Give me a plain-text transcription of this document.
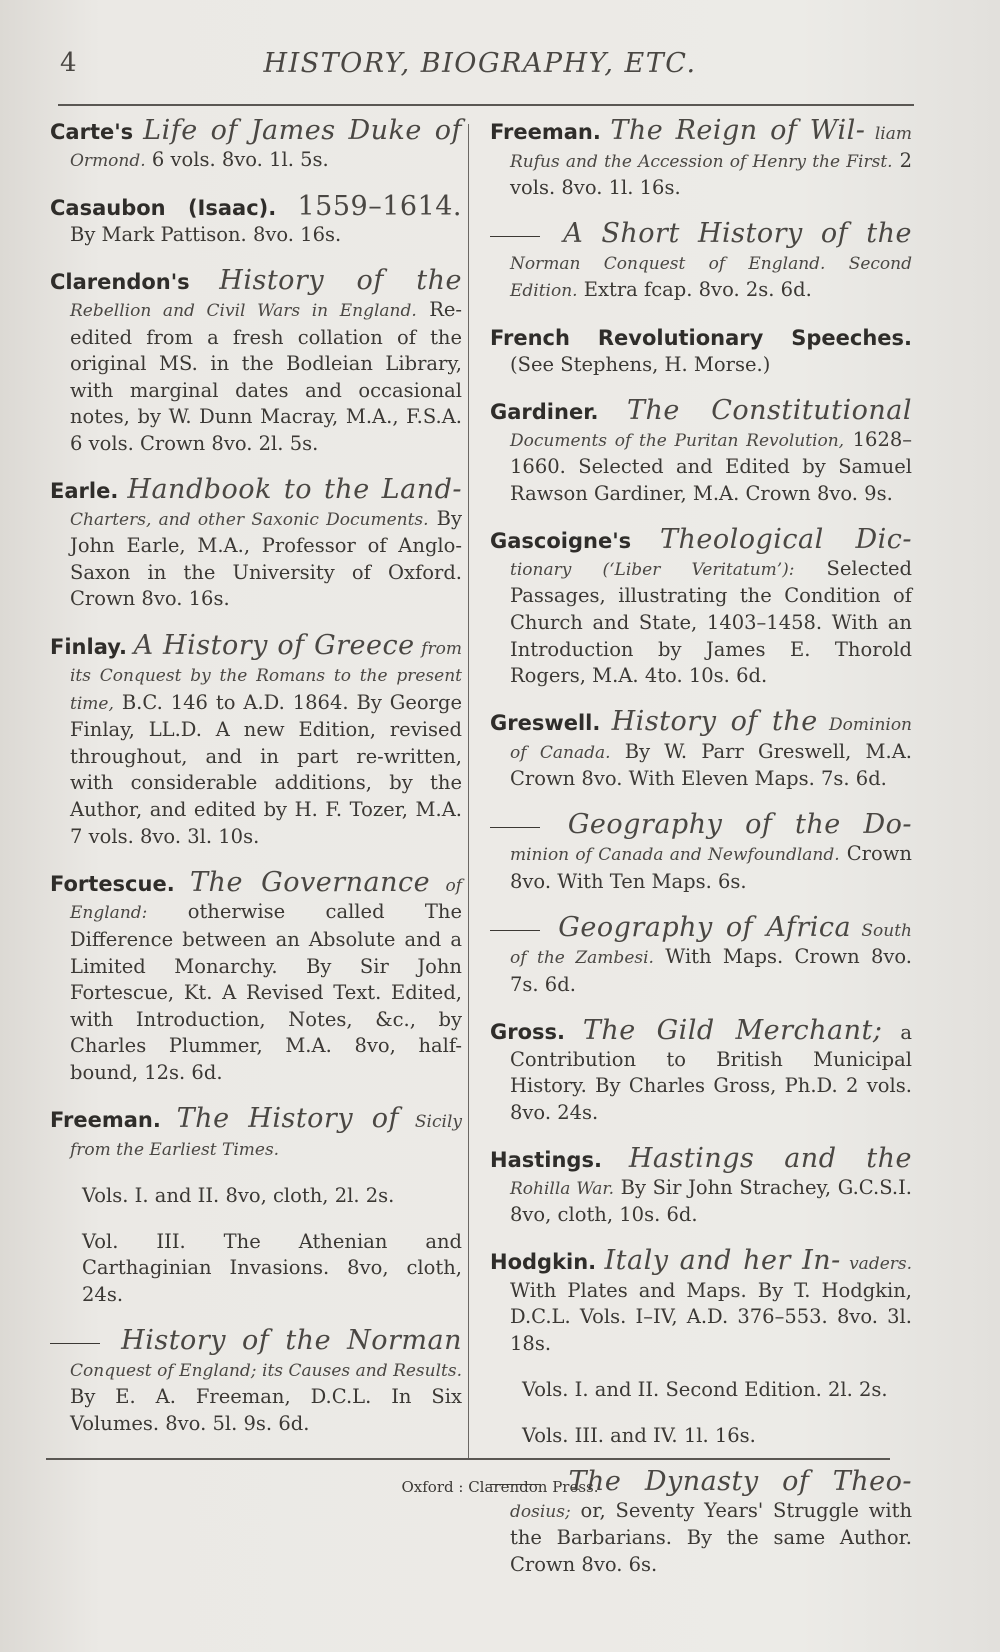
4	HISTORY, BIOGRAPHY, ETC.

Carte's Life of James Duke of Ormond. 6 vols. 8vo. 1l. 5s.

Casaubon (Isaac). 1559–1614. By Mark Pattison. 8vo. 16s.

Clarendon's History of the Rebellion and Civil Wars in England. Re-edited from a fresh collation of the original MS. in the Bodleian Library, with marginal dates and occasional notes, by W. Dunn Macray, M.A., F.S.A. 6 vols. Crown 8vo. 2l. 5s.

Earle. Handbook to the Land- Charters, and other Saxonic Documents. By John Earle, M.A., Professor of Anglo-Saxon in the University of Oxford. Crown 8vo. 16s.

Finlay. A History of Greece from its Conquest by the Romans to the present time, B.C. 146 to A.D. 1864. By George Finlay, LL.D. A new Edition, revised throughout, and in part re-written, with considerable additions, by the Author, and edited by H. F. Tozer, M.A. 7 vols. 8vo. 3l. 10s.

Fortescue. The Governance of England: otherwise called The Difference between an Absolute and a Limited Monarchy. By Sir John Fortescue, Kt. A Revised Text. Edited, with Introduction, Notes, &c., by Charles Plummer, M.A. 8vo, half-bound, 12s. 6d.

Freeman. The History of Sicily from the Earliest Times.

Vols. I. and II. 8vo, cloth, 2l. 2s.

Vol. III. The Athenian and Carthaginian Invasions. 8vo, cloth, 24s.

History of the Norman Conquest of England; its Causes and Results. By E. A. Freeman, D.C.L. In Six Volumes. 8vo. 5l. 9s. 6d.

Freeman. The Reign of Wil- liam Rufus and the Accession of Henry the First. 2 vols. 8vo. 1l. 16s.

A Short History of the Norman Conquest of England. Second Edition. Extra fcap. 8vo. 2s. 6d.

French Revolutionary Speeches. (See Stephens, H. Morse.)

Gardiner. The Constitutional Documents of the Puritan Revolution, 1628–1660. Selected and Edited by Samuel Rawson Gardiner, M.A. Crown 8vo. 9s.

Gascoigne's Theological Dic- tionary (‘Liber Veritatum’): Selected Passages, illustrating the Condition of Church and State, 1403–1458. With an Introduction by James E. Thorold Rogers, M.A. 4to. 10s. 6d.

Greswell. History of the Dominion of Canada. By W. Parr Greswell, M.A. Crown 8vo. With Eleven Maps. 7s. 6d.

Geography of the Do- minion of Canada and Newfoundland. Crown 8vo. With Ten Maps. 6s.

Geography of Africa South of the Zambesi. With Maps. Crown 8vo. 7s. 6d.

Gross. The Gild Merchant; a Contribution to British Municipal History. By Charles Gross, Ph.D. 2 vols. 8vo. 24s.

Hastings. Hastings and the Rohilla War. By Sir John Strachey, G.C.S.I. 8vo, cloth, 10s. 6d.

Hodgkin. Italy and her In- vaders. With Plates and Maps. By T. Hodgkin, D.C.L. Vols. I–IV, A.D. 376–553. 8vo. 3l. 18s.

Vols. I. and II. Second Edition. 2l. 2s.

Vols. III. and IV. 1l. 16s.

The Dynasty of Theo- dosius; or, Seventy Years' Struggle with the Barbarians. By the same Author. Crown 8vo. 6s.

Oxford : Clarendon Press.
